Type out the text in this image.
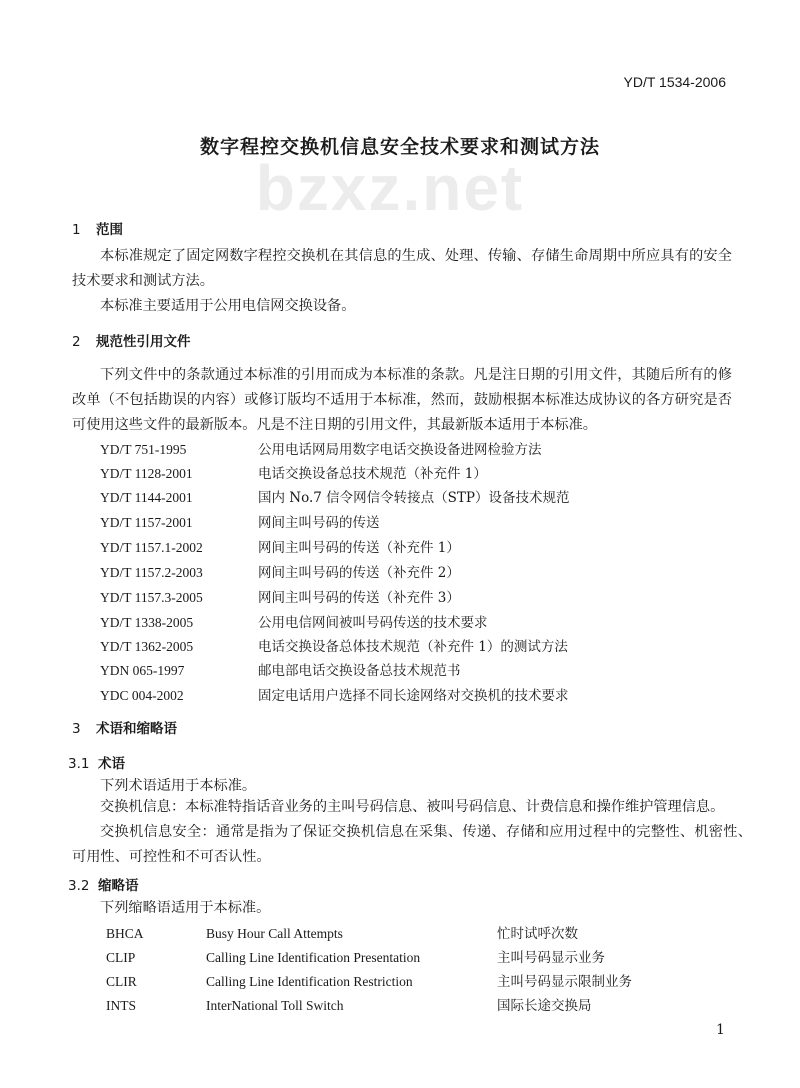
bzxz.net
YD/T 1534-2006
数字程控交换机信息安全技术要求和测试方法
1 范围
本标准规定了固定网数字程控交换机在其信息的生成、处理、传输、存储生命周期中所应具有的安全技术要求和测试方法。
本标准主要适用于公用电信网交换设备。
2 规范性引用文件
下列文件中的条款通过本标准的引用而成为本标准的条款。凡是注日期的引用文件，其随后所有的修改单（不包括勘误的内容）或修订版均不适用于本标准，然而，鼓励根据本标准达成协议的各方研究是否可使用这些文件的最新版本。凡是不注日期的引用文件，其最新版本适用于本标准。
YD/T 751-1995	公用电话网局用数字电话交换设备进网检验方法
YD/T 1128-2001	电话交换设备总技术规范（补充件 1）
YD/T 1144-2001	国内 No.7 信令网信令转接点（STP）设备技术规范
YD/T 1157-2001	网间主叫号码的传送
YD/T 1157.1-2002	网间主叫号码的传送（补充件 1）
YD/T 1157.2-2003	网间主叫号码的传送（补充件 2）
YD/T 1157.3-2005	网间主叫号码的传送（补充件 3）
YD/T 1338-2005	公用电信网间被叫号码传送的技术要求
YD/T 1362-2005	电话交换设备总体技术规范（补充件 1）的测试方法
YDN 065-1997	邮电部电话交换设备总技术规范书
YDC 004-2002	固定电话用户选择不同长途网络对交换机的技术要求
3 术语和缩略语
3.1 术语
下列术语适用于本标准。
交换机信息：本标准特指话音业务的主叫号码信息、被叫号码信息、计费信息和操作维护管理信息。
交换机信息安全：通常是指为了保证交换机信息在采集、传递、存储和应用过程中的完整性、机密性、可用性、可控性和不可否认性。
3.2 缩略语
下列缩略语适用于本标准。
BHCA	Busy Hour Call Attempts	忙时试呼次数
CLIP	Calling Line Identification Presentation	主叫号码显示业务
CLIR	Calling Line Identification Restriction	主叫号码显示限制业务
INTS	InterNational Toll Switch	国际长途交换局
1
